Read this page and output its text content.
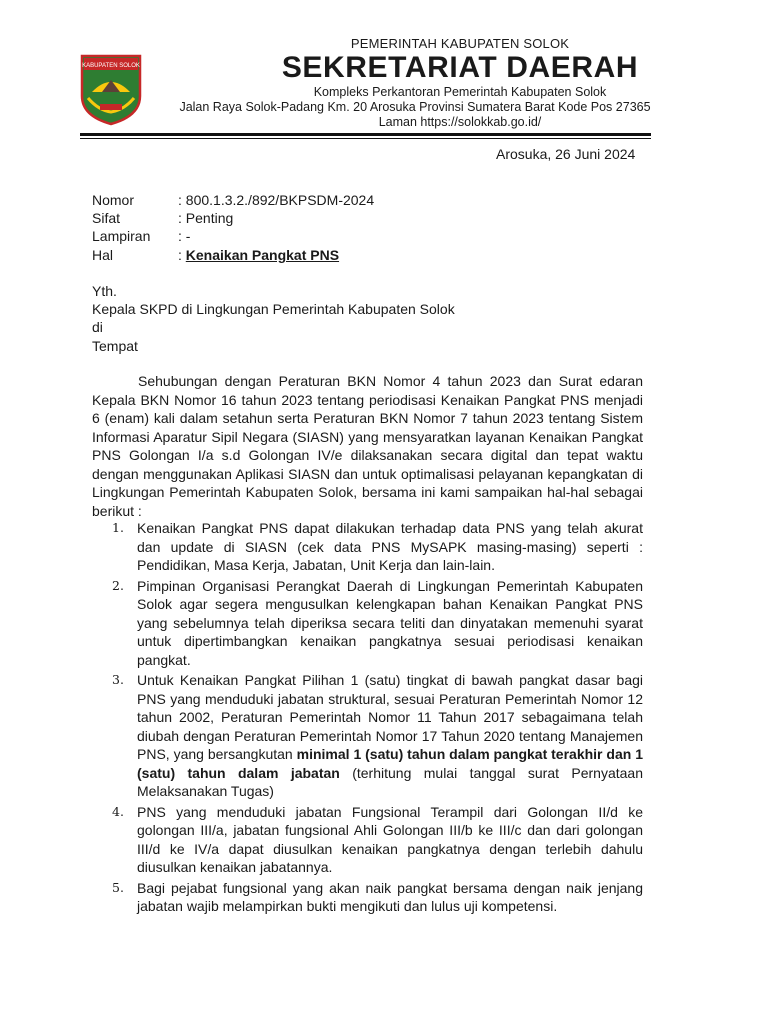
KABUPATEN SOLOK
PEMERINTAH KABUPATEN SOLOK
SEKRETARIAT DAERAH
Kompleks Perkantoran Pemerintah Kabupaten Solok
Jalan Raya Solok-Padang Km. 20 Arosuka Provinsi Sumatera Barat Kode Pos 27365
Laman https://solokkab.go.id/
Arosuka, 26 Juni 2024
Nomor	: 800.1.3.2./892/BKPSDM-2024
Sifat	: Penting
Lampiran : -
Hal	: Kenaikan Pangkat PNS
Yth.
Kepala SKPD di Lingkungan Pemerintah Kabupaten Solok
di
Tempat

Sehubungan dengan Peraturan BKN Nomor 4 tahun 2023 dan Surat edaran Kepala BKN Nomor 16 tahun 2023 tentang periodisasi Kenaikan Pangkat PNS menjadi 6 (enam) kali dalam setahun serta Peraturan BKN Nomor 7 tahun 2023 tentang Sistem Informasi Aparatur Sipil Negara (SIASN) yang mensyaratkan layanan Kenaikan Pangkat PNS Golongan I/a s.d Golongan IV/e dilaksanakan secara digital dan tepat waktu dengan menggunakan Aplikasi SIASN dan untuk optimalisasi pelayanan kepangkatan di Lingkungan Pemerintah Kabupaten Solok, bersama ini kami sampaikan hal-hal sebagai berikut :

1. Kenaikan Pangkat PNS dapat dilakukan terhadap data PNS yang telah akurat dan update di SIASN (cek data PNS MySAPK masing-masing) seperti : Pendidikan, Masa Kerja, Jabatan, Unit Kerja dan lain-lain.
2. Pimpinan Organisasi Perangkat Daerah di Lingkungan Pemerintah Kabupaten Solok agar segera mengusulkan kelengkapan bahan Kenaikan Pangkat PNS yang sebelumnya telah diperiksa secara teliti dan dinyatakan memenuhi syarat untuk dipertimbangkan kenaikan pangkatnya sesuai periodisasi kenaikan pangkat.
3. Untuk Kenaikan Pangkat Pilihan 1 (satu) tingkat di bawah pangkat dasar bagi PNS yang menduduki jabatan struktural, sesuai Peraturan Pemerintah Nomor 12 tahun 2002, Peraturan Pemerintah Nomor 11 Tahun 2017 sebagaimana telah diubah dengan Peraturan Pemerintah Nomor 17 Tahun 2020 tentang Manajemen PNS, yang bersangkutan minimal 1 (satu) tahun dalam pangkat terakhir dan 1 (satu) tahun dalam jabatan (terhitung mulai tanggal surat Pernyataan Melaksanakan Tugas)
4. PNS yang menduduki jabatan Fungsional Terampil dari Golongan II/d ke golongan III/a, jabatan fungsional Ahli Golongan III/b ke III/c dan dari golongan III/d ke IV/a dapat diusulkan kenaikan pangkatnya dengan terlebih dahulu diusulkan kenaikan jabatannya.
5. Bagi pejabat fungsional yang akan naik pangkat bersama dengan naik jenjang jabatan wajib melampirkan bukti mengikuti dan lulus uji kompetensi.
